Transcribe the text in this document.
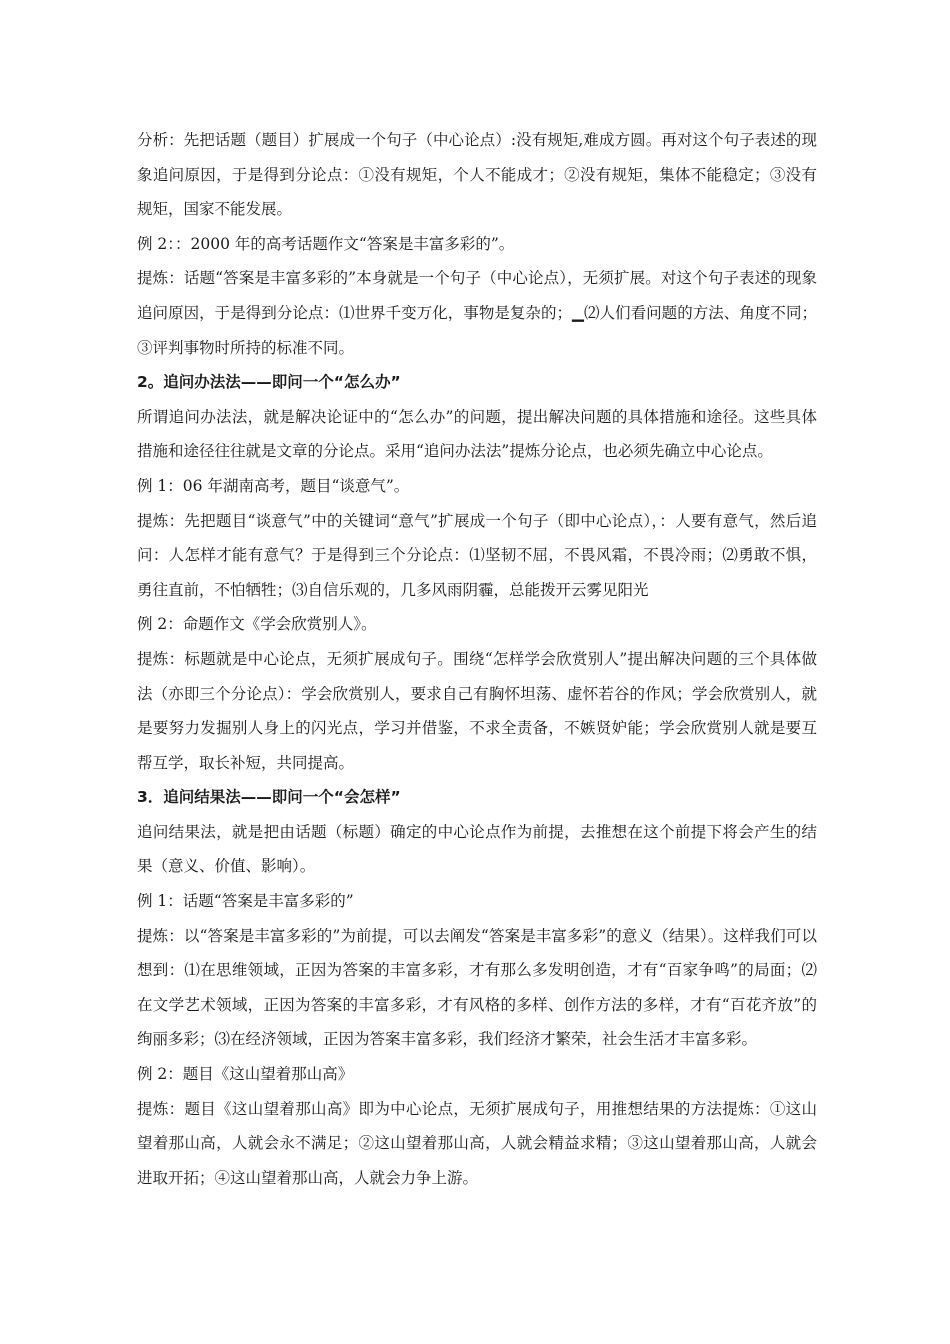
分析：先把话题（题目）扩展成一个句子（中心论点）:没有规矩,难成方圆。再对这个句子表述的现象追问原因，于是得到分论点：①没有规矩，个人不能成才；②没有规矩，集体不能稳定；③没有规矩，国家不能发展。

例 2：：2000 年的高考话题作文“答案是丰富多彩的”。

提炼：话题“答案是丰富多彩的”本身就是一个句子（中心论点），无须扩展。对这个句子表述的现象追问原因，于是得到分论点：⑴世界千变万化，事物是复杂的；▁⑵人们看问题的方法、角度不同；③评判事物时所持的标准不同。

2。追问办法法——即问一个“怎么办”

所谓追问办法法，就是解决论证中的“怎么办”的问题，提出解决问题的具体措施和途径。这些具体措施和途径往往就是文章的分论点。采用“追问办法法”提炼分论点，也必须先确立中心论点。

例 1：06 年湖南高考，题目“谈意气”。

提炼：先把题目“谈意气”中的关键词“意气”扩展成一个句子（即中心论点），：人要有意气，然后追问：人怎样才能有意气？于是得到三个分论点：⑴坚韧不屈，不畏风霜，不畏冷雨；⑵勇敢不惧，勇往直前，不怕牺牲；⑶自信乐观的，几多风雨阴霾，总能拨开云雾见阳光

例 2：命题作文《学会欣赏别人》。

提炼：标题就是中心论点，无须扩展成句子。围绕“怎样学会欣赏别人”提出解决问题的三个具体做法（亦即三个分论点）：学会欣赏别人，要求自己有胸怀坦荡、虚怀若谷的作风；学会欣赏别人，就是要努力发掘别人身上的闪光点，学习并借鉴，不求全责备，不嫉贤妒能；学会欣赏别人就是要互帮互学，取长补短，共同提高。

3．追问结果法——即问一个“会怎样”

追问结果法，就是把由话题（标题）确定的中心论点作为前提，去推想在这个前提下将会产生的结果（意义、价值、影响）。

例 1：话题“答案是丰富多彩的”

提炼：以“答案是丰富多彩的”为前提，可以去阐发“答案是丰富多彩”的意义（结果）。这样我们可以想到：⑴在思维领域，正因为答案的丰富多彩，才有那么多发明创造，才有“百家争鸣”的局面；⑵在文学艺术领域，正因为答案的丰富多彩，才有风格的多样、创作方法的多样，才有“百花齐放”的绚丽多彩；⑶在经济领域，正因为答案丰富多彩，我们经济才繁荣，社会生活才丰富多彩。

例 2：题目《这山望着那山高》

提炼：题目《这山望着那山高》即为中心论点，无须扩展成句子，用推想结果的方法提炼：①这山望着那山高，人就会永不满足；②这山望着那山高，人就会精益求精；③这山望着那山高，人就会进取开拓；④这山望着那山高，人就会力争上游。
